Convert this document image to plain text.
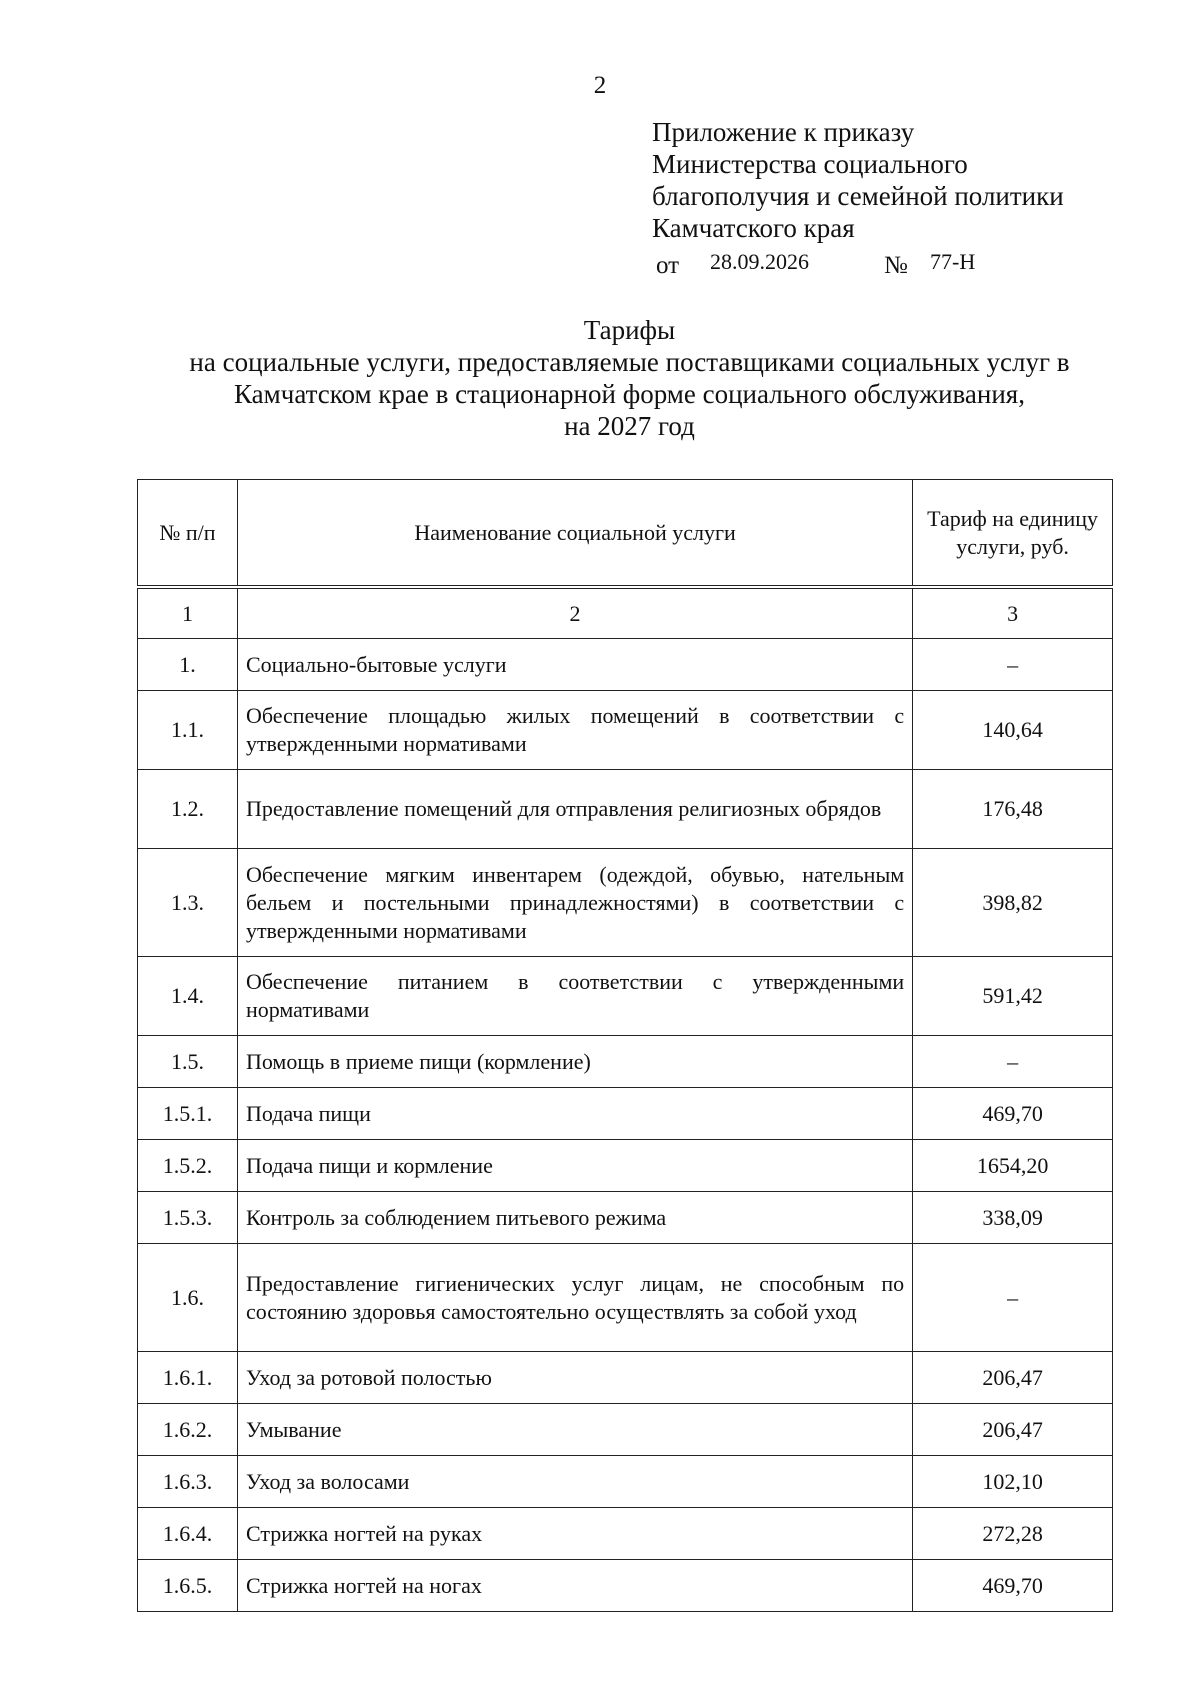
2
Приложение к приказу
Министерства социального
благополучия и семейной политики
Камчатского края
от 28.09.2026	№ 77-Н
Тарифы
на социальные услуги, предоставляемые поставщиками социальных услуг в
Камчатском крае в стационарной форме социального обслуживания,
на 2027 год
№ п/п	Наименование социальной услуги	Тариф на единицу услуги, руб.

1	2	3
1.	Социально-бытовые услуги	–
1.1.	Обеспечение площадью жилых помещений в соответствии с утвержденными нормативами	140,64
1.2.	Предоставление помещений для отправления религиозных обрядов	176,48
1.3.	Обеспечение мягким инвентарем (одеждой, обувью, нательным бельем и постельными принадлежностями) в соответствии с утвержденными нормативами	398,82
1.4.	Обеспечение питанием в соответствии с утвержденными нормативами	591,42
1.5.	Помощь в приеме пищи (кормление)	–
1.5.1.	Подача пищи	469,70
1.5.2.	Подача пищи и кормление	1654,20
1.5.3.	Контроль за соблюдением питьевого режима	338,09
1.6.	Предоставление гигиенических услуг лицам, не способным по состоянию здоровья самостоятельно осуществлять за собой уход	–
1.6.1.	Уход за ротовой полостью	206,47
1.6.2.	Умывание	206,47
1.6.3.	Уход за волосами	102,10
1.6.4.	Стрижка ногтей на руках	272,28
1.6.5.	Стрижка ногтей на ногах	469,70
